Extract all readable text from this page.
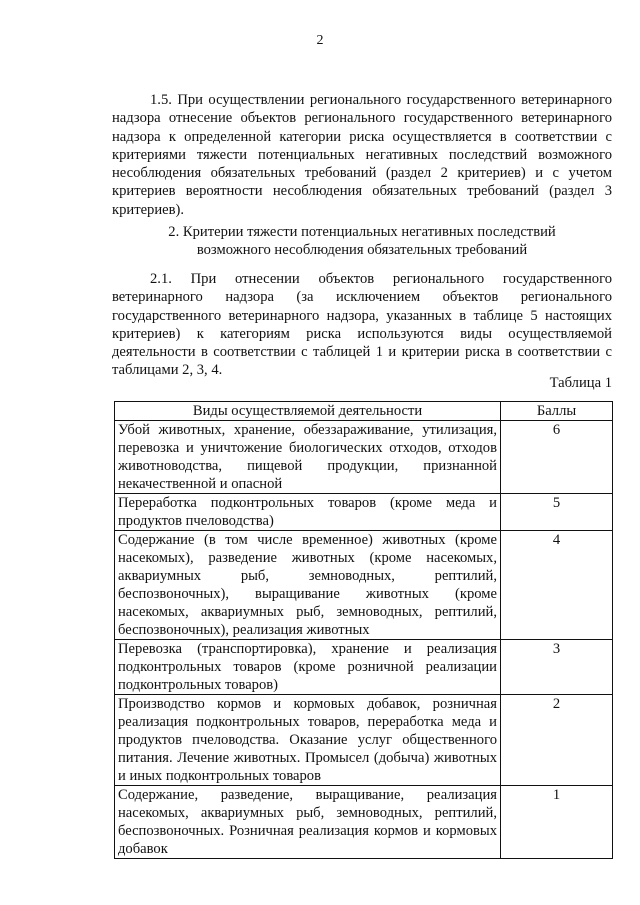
2
1.5. При осуществлении регионального государственного ветеринарного надзора отнесение объектов регионального государственного ветеринарного надзора к определенной категории риска осуществляется в соответствии с критериями тяжести потенциальных негативных последствий возможного несоблюдения обязательных требований (раздел 2 критериев) и с учетом критериев вероятности несоблюдения обязательных требований (раздел 3 критериев).
2. Критерии тяжести потенциальных негативных последствий
возможного несоблюдения обязательных требований
2.1. При отнесении объектов регионального государственного ветеринарного надзора (за исключением объектов регионального государственного ветеринарного надзора, указанных в таблице 5 настоящих критериев) к категориям риска используются виды осуществляемой деятельности в соответствии с таблицей 1 и критерии риска в соответствии с таблицами 2, 3, 4.
Таблица 1
Виды осуществляемой деятельности	Баллы
Убой животных, хранение, обеззараживание, утилизация, перевозка и уничтожение биологических отходов, отходов животноводства, пищевой продукции, признанной некачественной и опасной	6
Переработка подконтрольных товаров (кроме меда и продуктов пчеловодства)	5
Содержание (в том числе временное) животных (кроме насекомых), разведение животных (кроме насекомых, аквариумных рыб, земноводных, рептилий, беспозвоночных), выращивание животных (кроме насекомых, аквариумных рыб, земноводных, рептилий, беспозвоночных), реализация животных	4
Перевозка (транспортировка), хранение и реализация подконтрольных товаров (кроме розничной реализации подконтрольных товаров)	3
Производство кормов и кормовых добавок, розничная реализация подконтрольных товаров, переработка меда и продуктов пчеловодства. Оказание услуг общественного питания. Лечение животных. Промысел (добыча) животных и иных подконтрольных товаров	2
Содержание, разведение, выращивание, реализация насекомых, аквариумных рыб, земноводных, рептилий, беспозвоночных. Розничная реализация кормов и кормовых добавок	1
